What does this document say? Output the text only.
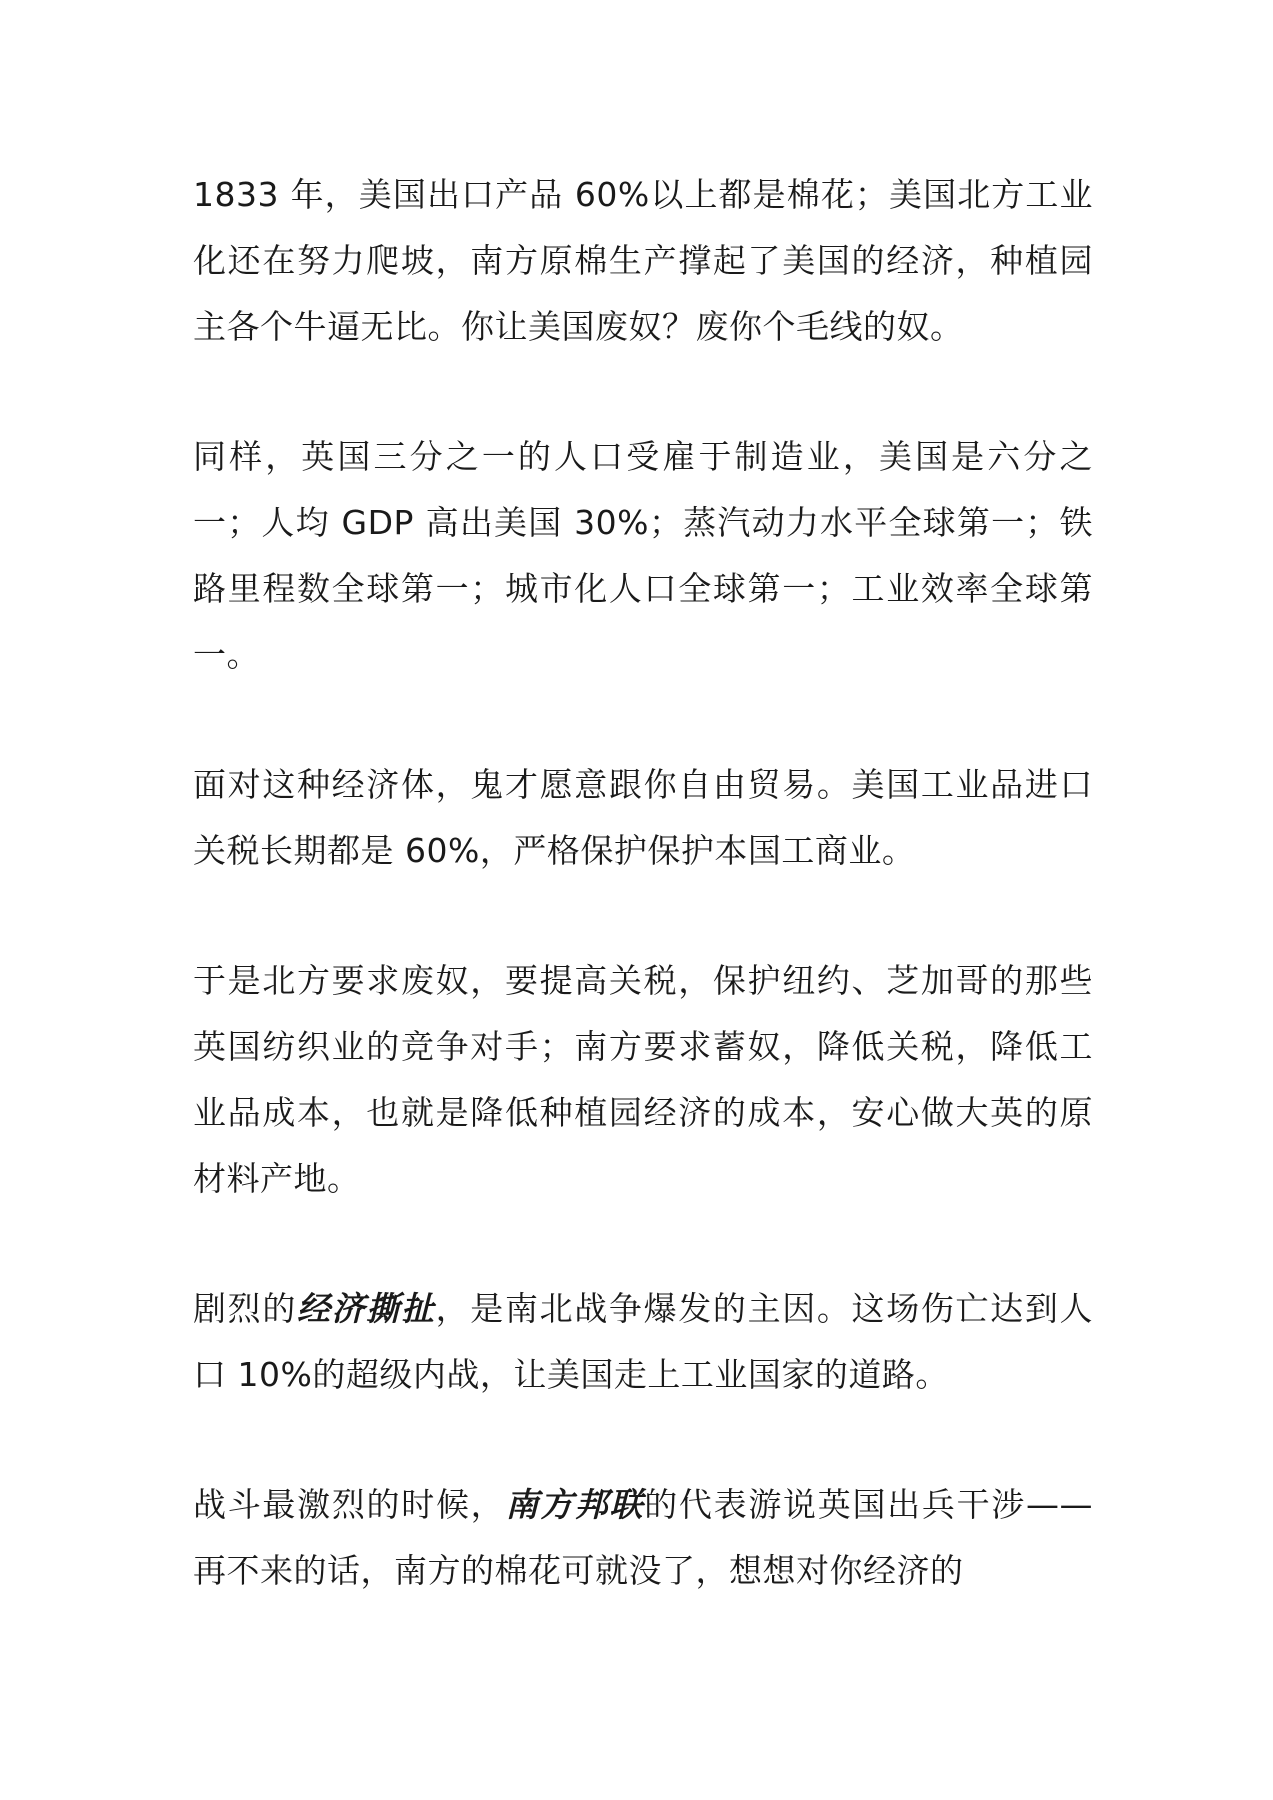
1833 年，美国出口产品 60%以上都是棉花；美国北方工业化还在努力爬坡，南方原棉生产撑起了美国的经济，种植园主各个牛逼无比。你让美国废奴？废你个毛线的奴。

同样，英国三分之一的人口受雇于制造业，美国是六分之一；人均 GDP 高出美国 30%；蒸汽动力水平全球第一；铁路里程数全球第一；城市化人口全球第一；工业效率全球第一。

面对这种经济体，鬼才愿意跟你自由贸易。美国工业品进口关税长期都是 60%，严格保护保护本国工商业。

于是北方要求废奴，要提高关税，保护纽约、芝加哥的那些英国纺织业的竞争对手；南方要求蓄奴，降低关税，降低工业品成本，也就是降低种植园经济的成本，安心做大英的原材料产地。

剧烈的经济撕扯，是南北战争爆发的主因。这场伤亡达到人口 10%的超级内战，让美国走上工业国家的道路。

战斗最激烈的时候，南方邦联的代表游说英国出兵干涉—— 再不来的话，南方的棉花可就没了，想想对你经济的
